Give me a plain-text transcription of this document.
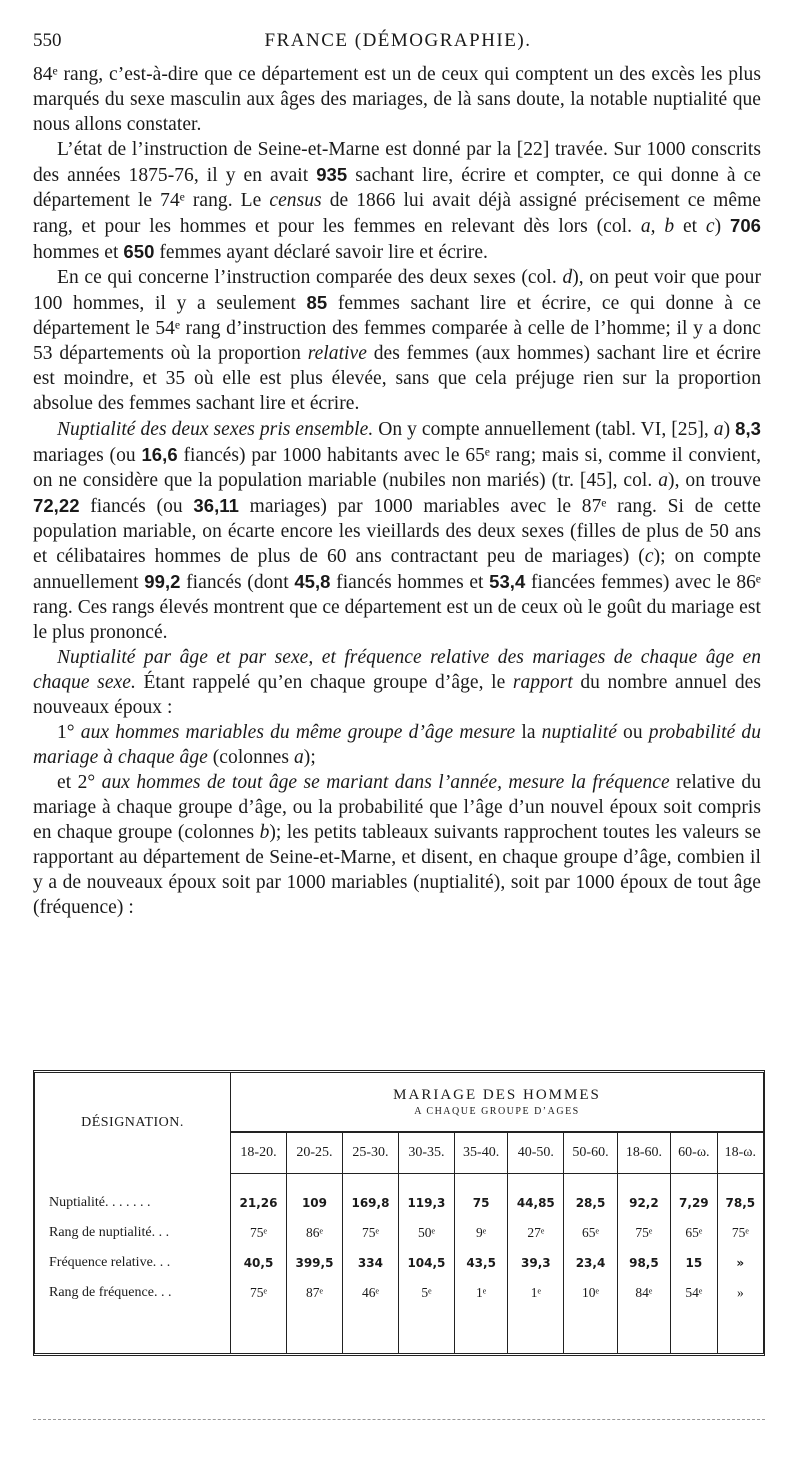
550	FRANCE (DÉMOGRAPHIE).

84ᵉ rang, c’est-à-dire que ce département est un de ceux qui comptent un des excès les plus marqués du sexe masculin aux âges des mariages, de là sans doute, la notable nuptialité que nous allons constater.

L’état de l’instruction de Seine-et-Marne est donné par la [22] travée. Sur 1000 conscrits des années 1875-76, il y en avait 935 sachant lire, écrire et compter, ce qui donne à ce département le 74ᵉ rang. Le census de 1866 lui avait déjà assigné précisement ce même rang, et pour les hommes et pour les femmes en relevant dès lors (col. a, b et c) 706 hommes et 650 femmes ayant déclaré savoir lire et écrire.

En ce qui concerne l’instruction comparée des deux sexes (col. d), on peut voir que pour 100 hommes, il y a seulement 85 femmes sachant lire et écrire, ce qui donne à ce département le 54ᵉ rang d’instruction des femmes comparée à celle de l’homme; il y a donc 53 départements où la proportion relative des femmes (aux hommes) sachant lire et écrire est moindre, et 35 où elle est plus élevée, sans que cela préjuge rien sur la proportion absolue des femmes sachant lire et écrire.

Nuptialité des deux sexes pris ensemble. On y compte annuellement (tabl. VI, [25], a) 8,3 mariages (ou 16,6 fiancés) par 1000 habitants avec le 65ᵉ rang; mais si, comme il convient, on ne considère que la population mariable (nubiles non mariés) (tr. [45], col. a), on trouve 72,22 fiancés (ou 36,11 mariages) par 1000 mariables avec le 87ᵉ rang. Si de cette population mariable, on écarte encore les vieillards des deux sexes (filles de plus de 50 ans et célibataires hommes de plus de 60 ans contractant peu de mariages) (c); on compte annuellement 99,2 fiancés (dont 45,8 fiancés hommes et 53,4 fiancées femmes) avec le 86ᵉ rang. Ces rangs élevés montrent que ce département est un de ceux où le goût du mariage est le plus prononcé.

Nuptialité par âge et par sexe, et fréquence relative des mariages de chaque âge en chaque sexe. Étant rappelé qu’en chaque groupe d’âge, le rapport du nombre annuel des nouveaux époux :

1° aux hommes mariables du même groupe d’âge mesure la nuptialité ou probabilité du mariage à chaque âge (colonnes a);

et 2° aux hommes de tout âge se mariant dans l’année, mesure la fréquence relative du mariage à chaque groupe d’âge, ou la probabilité que l’âge d’un nouvel époux soit compris en chaque groupe (colonnes b); les petits tableaux suivants rapprochent toutes les valeurs se rapportant au département de Seine-et-Marne, et disent, en chaque groupe d’âge, combien il y a de nouveaux époux soit par 1000 mariables (nuptialité), soit par 1000 époux de tout âge (fréquence) :

DÉSIGNATION.	MARIAGE DES HOMMES
A CHAQUE GROUPE D’AGES									

	18-20.	20-25.	25-30.	30-35.	35-40.	40-50.	50-60.	18-60.	60-ω.	18-ω.

Nuptialité. . . . . . .	21,26	109	169,8	119,3	75	44,85	28,5	92,2	7,29	78,5
Rang de nuptialité. . .	75ᵉ	86ᵉ	75ᵉ	50ᵉ	9ᵉ	27ᵉ	65ᵉ	75ᵉ	65ᵉ	75ᵉ
Fréquence relative. . .	40,5	399,5	334	104,5	43,5	39,3	23,4	98,5	15	»
Rang de fréquence. . .	75ᵉ	87ᵉ	46ᵉ	5ᵉ	1ᵉ	1ᵉ	10ᵉ	84ᵉ	54ᵉ	»
